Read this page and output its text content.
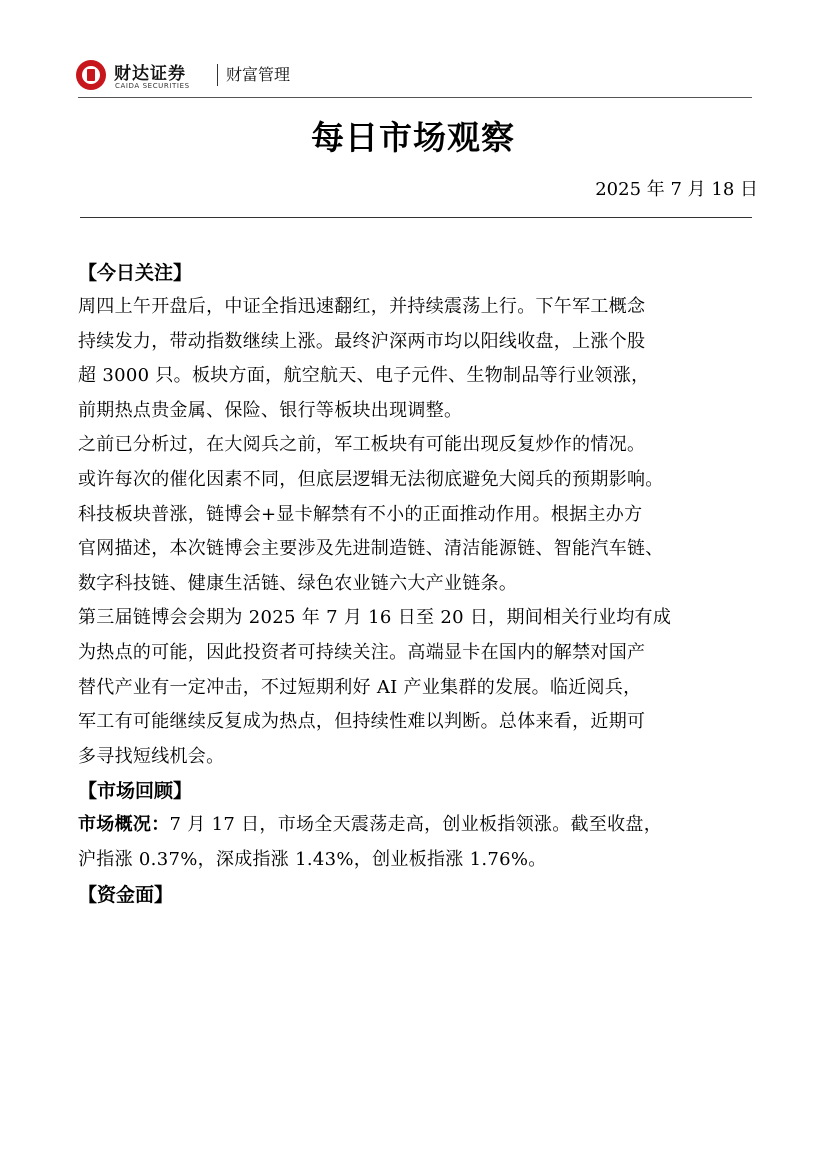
财达证券
CAIDA SECURITIES
财富管理
每日市场观察
2025 年 7 月 18 日
【今日关注】
周四上午开盘后，中证全指迅速翻红，并持续震荡上行。下午军工概念
持续发力，带动指数继续上涨。最终沪深两市均以阳线收盘，上涨个股
超 3000 只。板块方面，航空航天、电子元件、生物制品等行业领涨，
前期热点贵金属、保险、银行等板块出现调整。
之前已分析过，在大阅兵之前，军工板块有可能出现反复炒作的情况。
或许每次的催化因素不同，但底层逻辑无法彻底避免大阅兵的预期影响。
科技板块普涨，链博会+显卡解禁有不小的正面推动作用。根据主办方
官网描述，本次链博会主要涉及先进制造链、清洁能源链、智能汽车链、
数字科技链、健康生活链、绿色农业链六大产业链条。
第三届链博会会期为 2025 年 7 月 16 日至 20 日，期间相关行业均有成
为热点的可能，因此投资者可持续关注。高端显卡在国内的解禁对国产
替代产业有一定冲击，不过短期利好 AI 产业集群的发展。临近阅兵，
军工有可能继续反复成为热点，但持续性难以判断。总体来看，近期可
多寻找短线机会。
【市场回顾】
市场概况：7 月 17 日，市场全天震荡走高，创业板指领涨。截至收盘，
沪指涨 0.37%，深成指涨 1.43%，创业板指涨 1.76%。
【资金面】
